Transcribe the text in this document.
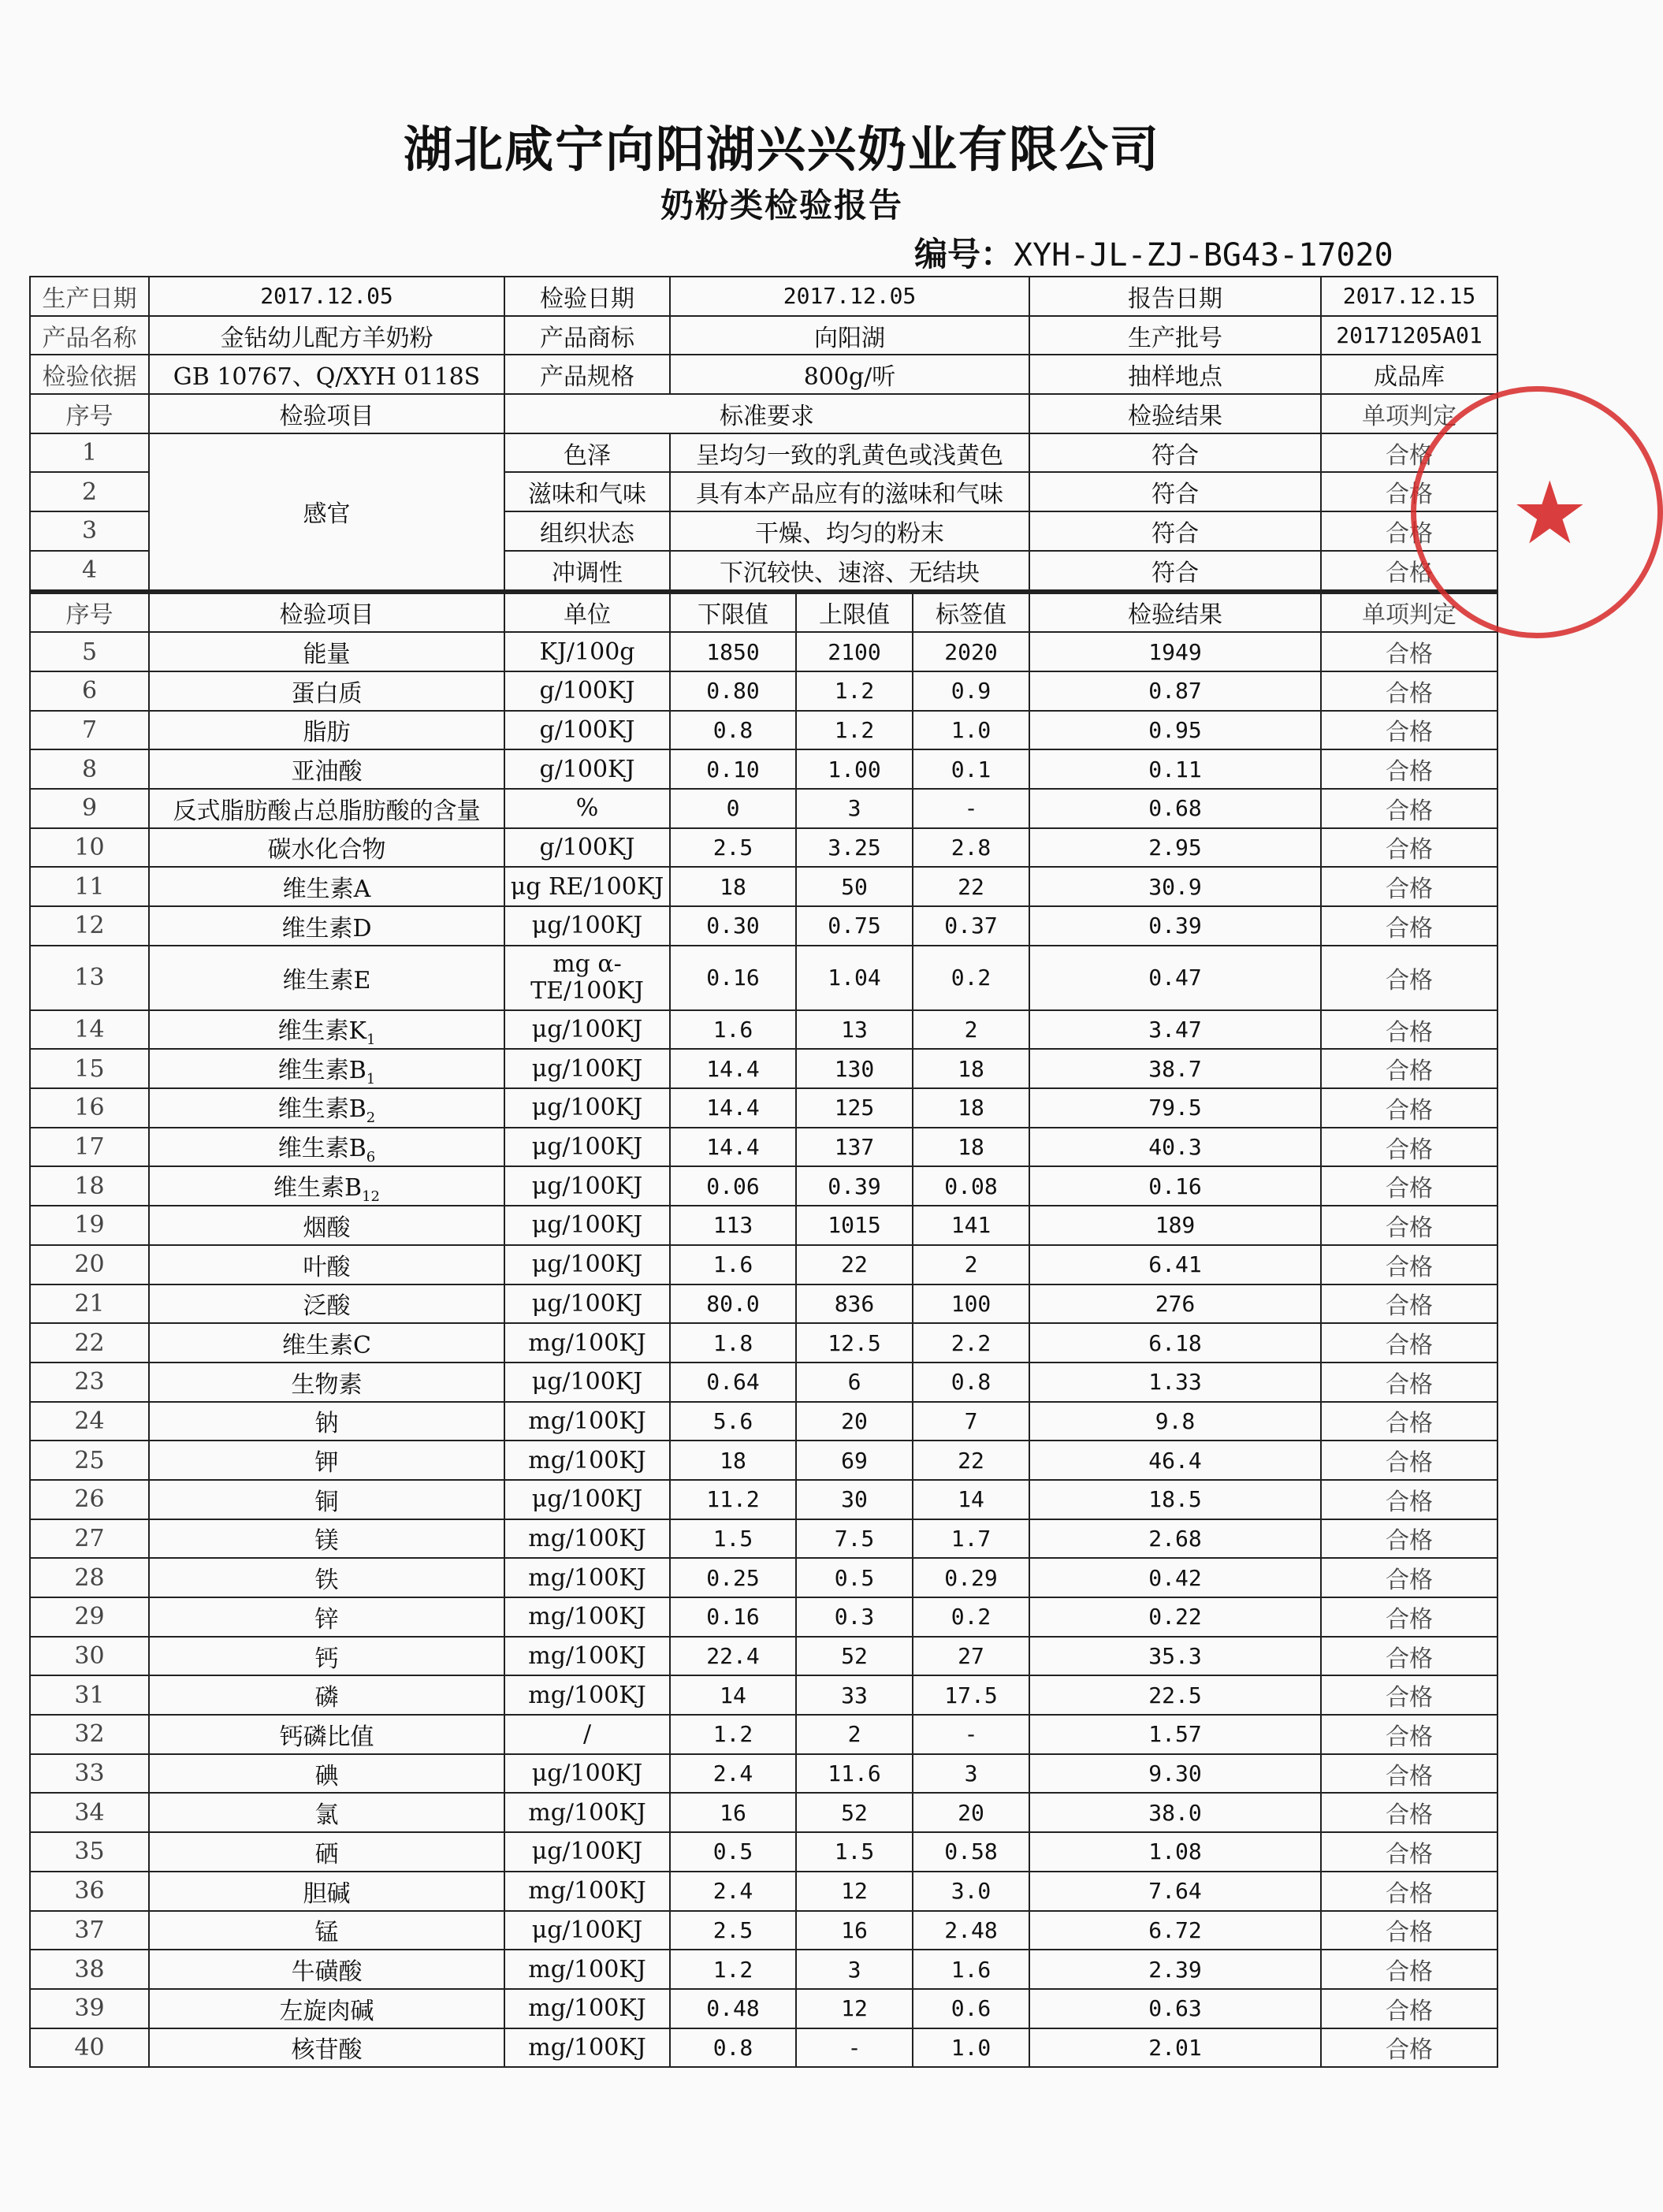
湖北咸宁向阳湖兴兴奶业有限公司
奶粉类检验报告
编号：XYH-JL-ZJ-BG43-17020
生产日期	2017.12.05	检验日期	2017.12.05			报告日期	2017.12.15
产品名称	金钻幼儿配方羊奶粉	产品商标	向阳湖			生产批号	20171205A01
检验依据	GB 10767、Q/XYH 0118S	产品规格	800g/听			抽样地点	成品库
序号	检验项目	标准要求				检验结果	单项判定
1	感官	色泽	呈均匀一致的乳黄色或浅黄色			符合	合格
2		滋味和气味	具有本产品应有的滋味和气味			符合	合格
3		组织状态	干燥、均匀的粉末			符合	合格
4		冲调性	下沉较快、速溶、无结块			符合	合格
序号	检验项目	单位	下限值	上限值	标签值	检验结果	单项判定
5	能量	KJ/100g	1850	2100	2020	1949	合格
6	蛋白质	g/100KJ	0.80	1.2	0.9	0.87	合格
7	脂肪	g/100KJ	0.8	1.2	1.0	0.95	合格
8	亚油酸	g/100KJ	0.10	1.00	0.1	0.11	合格
9	反式脂肪酸占总脂肪酸的含量	%	0	3	-	0.68	合格
10	碳水化合物	g/100KJ	2.5	3.25	2.8	2.95	合格
11	维生素A	μg RE/100KJ	18	50	22	30.9	合格
12	维生素D	μg/100KJ	0.30	0.75	0.37	0.39	合格
13	维生素E	mg α-TE/100KJ	0.16	1.04	0.2	0.47	合格
14	维生素$K_1$	μg/100KJ	1.6	13	2	3.47	合格
15	维生素$B_1$	μg/100KJ	14.4	130	18	38.7	合格
16	维生素$B_2$	μg/100KJ	14.4	125	18	79.5	合格
17	维生素$B_6$	μg/100KJ	14.4	137	18	40.3	合格
18	维生素$B_{12}$	μg/100KJ	0.06	0.39	0.08	0.16	合格
19	烟酸	μg/100KJ	113	1015	141	189	合格
20	叶酸	μg/100KJ	1.6	22	2	6.41	合格
21	泛酸	μg/100KJ	80.0	836	100	276	合格
22	维生素C	mg/100KJ	1.8	12.5	2.2	6.18	合格
23	生物素	μg/100KJ	0.64	6	0.8	1.33	合格
24	钠	mg/100KJ	5.6	20	7	9.8	合格
25	钾	mg/100KJ	18	69	22	46.4	合格
26	铜	μg/100KJ	11.2	30	14	18.5	合格
27	镁	mg/100KJ	1.5	7.5	1.7	2.68	合格
28	铁	mg/100KJ	0.25	0.5	0.29	0.42	合格
29	锌	mg/100KJ	0.16	0.3	0.2	0.22	合格
30	钙	mg/100KJ	22.4	52	27	35.3	合格
31	磷	mg/100KJ	14	33	17.5	22.5	合格
32	钙磷比值	/	1.2	2	-	1.57	合格
33	碘	μg/100KJ	2.4	11.6	3	9.30	合格
34	氯	mg/100KJ	16	52	20	38.0	合格
35	硒	μg/100KJ	0.5	1.5	0.58	1.08	合格
36	胆碱	mg/100KJ	2.4	12	3.0	7.64	合格
37	锰	μg/100KJ	2.5	16	2.48	6.72	合格
38	牛磺酸	mg/100KJ	1.2	3	1.6	2.39	合格
39	左旋肉碱	mg/100KJ	0.48	12	0.6	0.63	合格
40	核苷酸	mg/100KJ	0.8	-	1.0	2.01	合格
★
